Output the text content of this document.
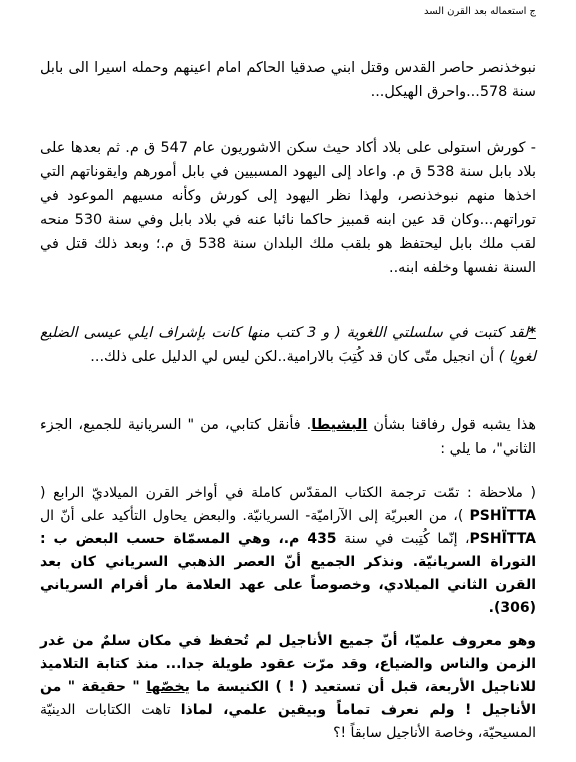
ج استعماله بعد القرن السد

نبوخذنصر حاصر القدس وقتل ابني صدقيا الحاكم امام اعينهم وحمله اسيرا الى بابل سنة 578...واحرق الهيكل...

- كورش استولى على بلاد أكاد حيث سكن الاشوريون عام 547 ق م. ثم بعدها على بلاد بابل سنة 538 ق م. واعاد إلى اليهود المسبيين في بابل أمورهم وايقوناتهم التي اخذها منهم نبوخذنصر، ولهذا نظر اليهود إلى كورش وكأنه مسيهم الموعود في توراتهم...وكان قد عين ابنه قمبيز حاكما نائبا عنه في بلاد بابل وفي سنة 530 منحه لقب ملك بابل ليحتفظ هو بلقب ملك البلدان سنة 538 ق م.؛ وبعد ذلك قتل في السنة نفسها وخلفه ابنه..

*لقد كتبت في سلسلتي اللغوية ( و 3 كتب منها كانت بإشراف ايلي عيسى الضليع لغويا ) أن انجيل متّى كان قد كُتِبَ بالارامية..لكن ليس لي الدليل على ذلك...

هذا يشبه قول رفاقنا بشأن البشيطا. فأنقل كتابي، من " السريانية للجميع، الجزء الثاني"، ما يلي :

( ملاحظة : تمّت ترجمة الكتاب المقدّس كاملة في أواخر القرن الميلاديّ الرابع ( PSHÏTTA )، من العبريّة إلى الآراميّة- السريانيّة. والبعض يحاول التأكيد على أنّ ال PSHÏTTA، إنّما كُتِبت في سنة 435 م.، وهي المسمّاة حسب البعض ب : التوراة السريانيّة. ونذكر الجميع أنّ العصر الذهبي السرياني كان بعد القرن الثاني الميلادي، وخصوصاً على عهد العلامة مار أفرام السرياني (306).

وهو معروف علميّا، أنّ جميع الأناجيل لم تُحفظ في مكان سلمٌ من غدر الزمن والناس والضياع، وقد مرّت عقود طويلة جدا... منذ كتابة التلاميذ للاناجيل الأربعة، قبل أن تستعيد ( ! ) الكنيسة ما يخصّها " حقيقة " من الأناجيل ! ولم نعرف تماماً وبيقين علمي، لماذا تاهت الكتابات الدينيّة المسيحيّة، وخاصة الأناجيل سابقاً !؟
